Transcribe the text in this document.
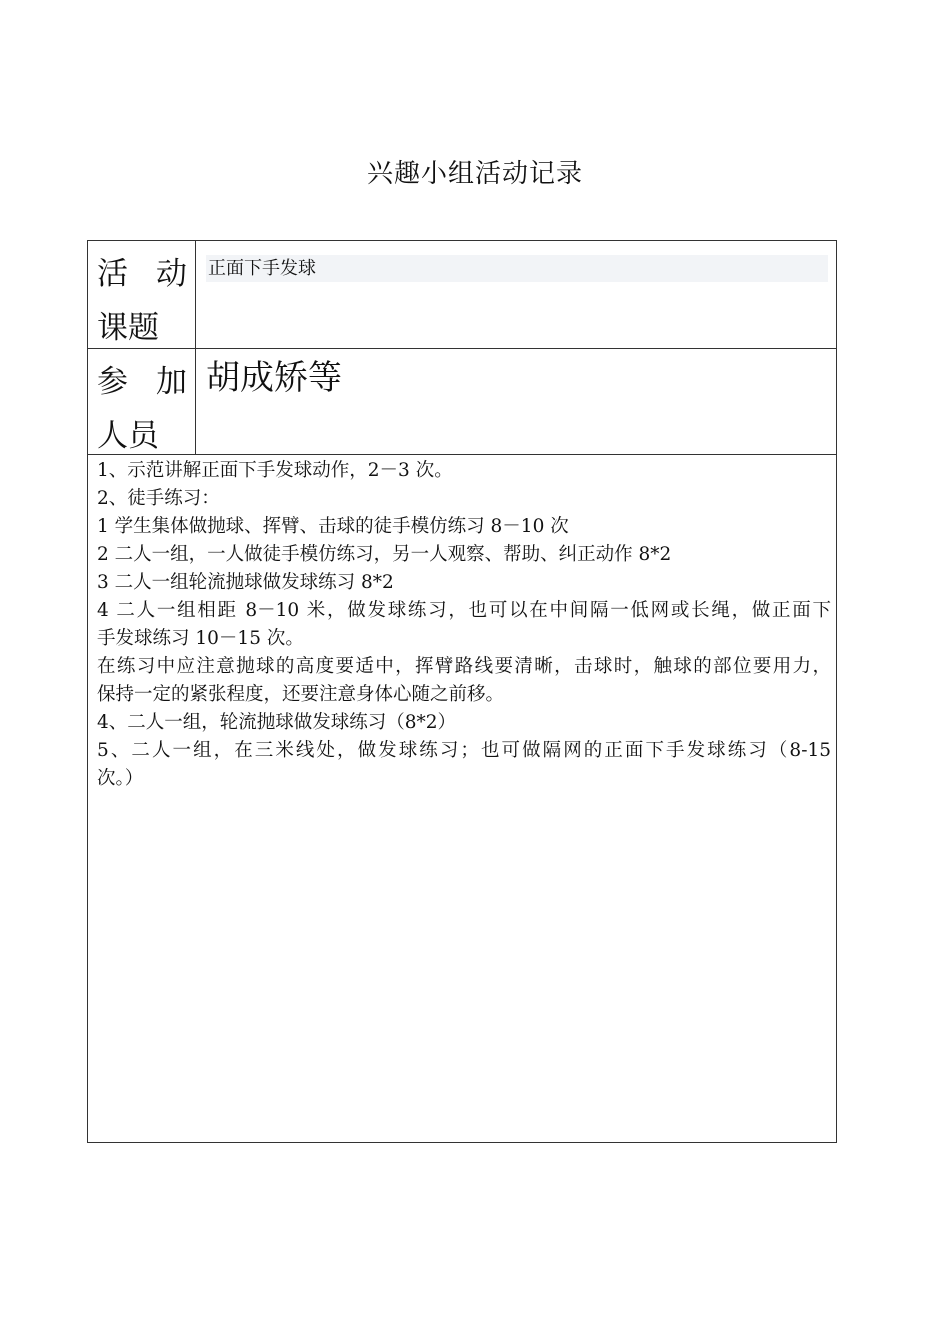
兴趣小组活动记录
活 动
课题
正面下手发球
参 加
人员
胡成矫等
1、示范讲解正面下手发球动作，2－3 次。
2、徒手练习：
1 学生集体做抛球、挥臂、击球的徒手模仿练习 8－10 次
2 二人一组，一人做徒手模仿练习，另一人观察、帮助、纠正动作 8*2
3 二人一组轮流抛球做发球练习 8*2
4 二人一组相距 8－10 米，做发球练习，也可以在中间隔一低网或长绳，做正面下
手发球练习 10－15 次。
在练习中应注意抛球的高度要适中，挥臂路线要清晰，击球时，触球的部位要用力，
保持一定的紧张程度，还要注意身体心随之前移。
4、二人一组，轮流抛球做发球练习（8*2）
5、二人一组，在三米线处，做发球练习；也可做隔网的正面下手发球练习（8-15
次。）
